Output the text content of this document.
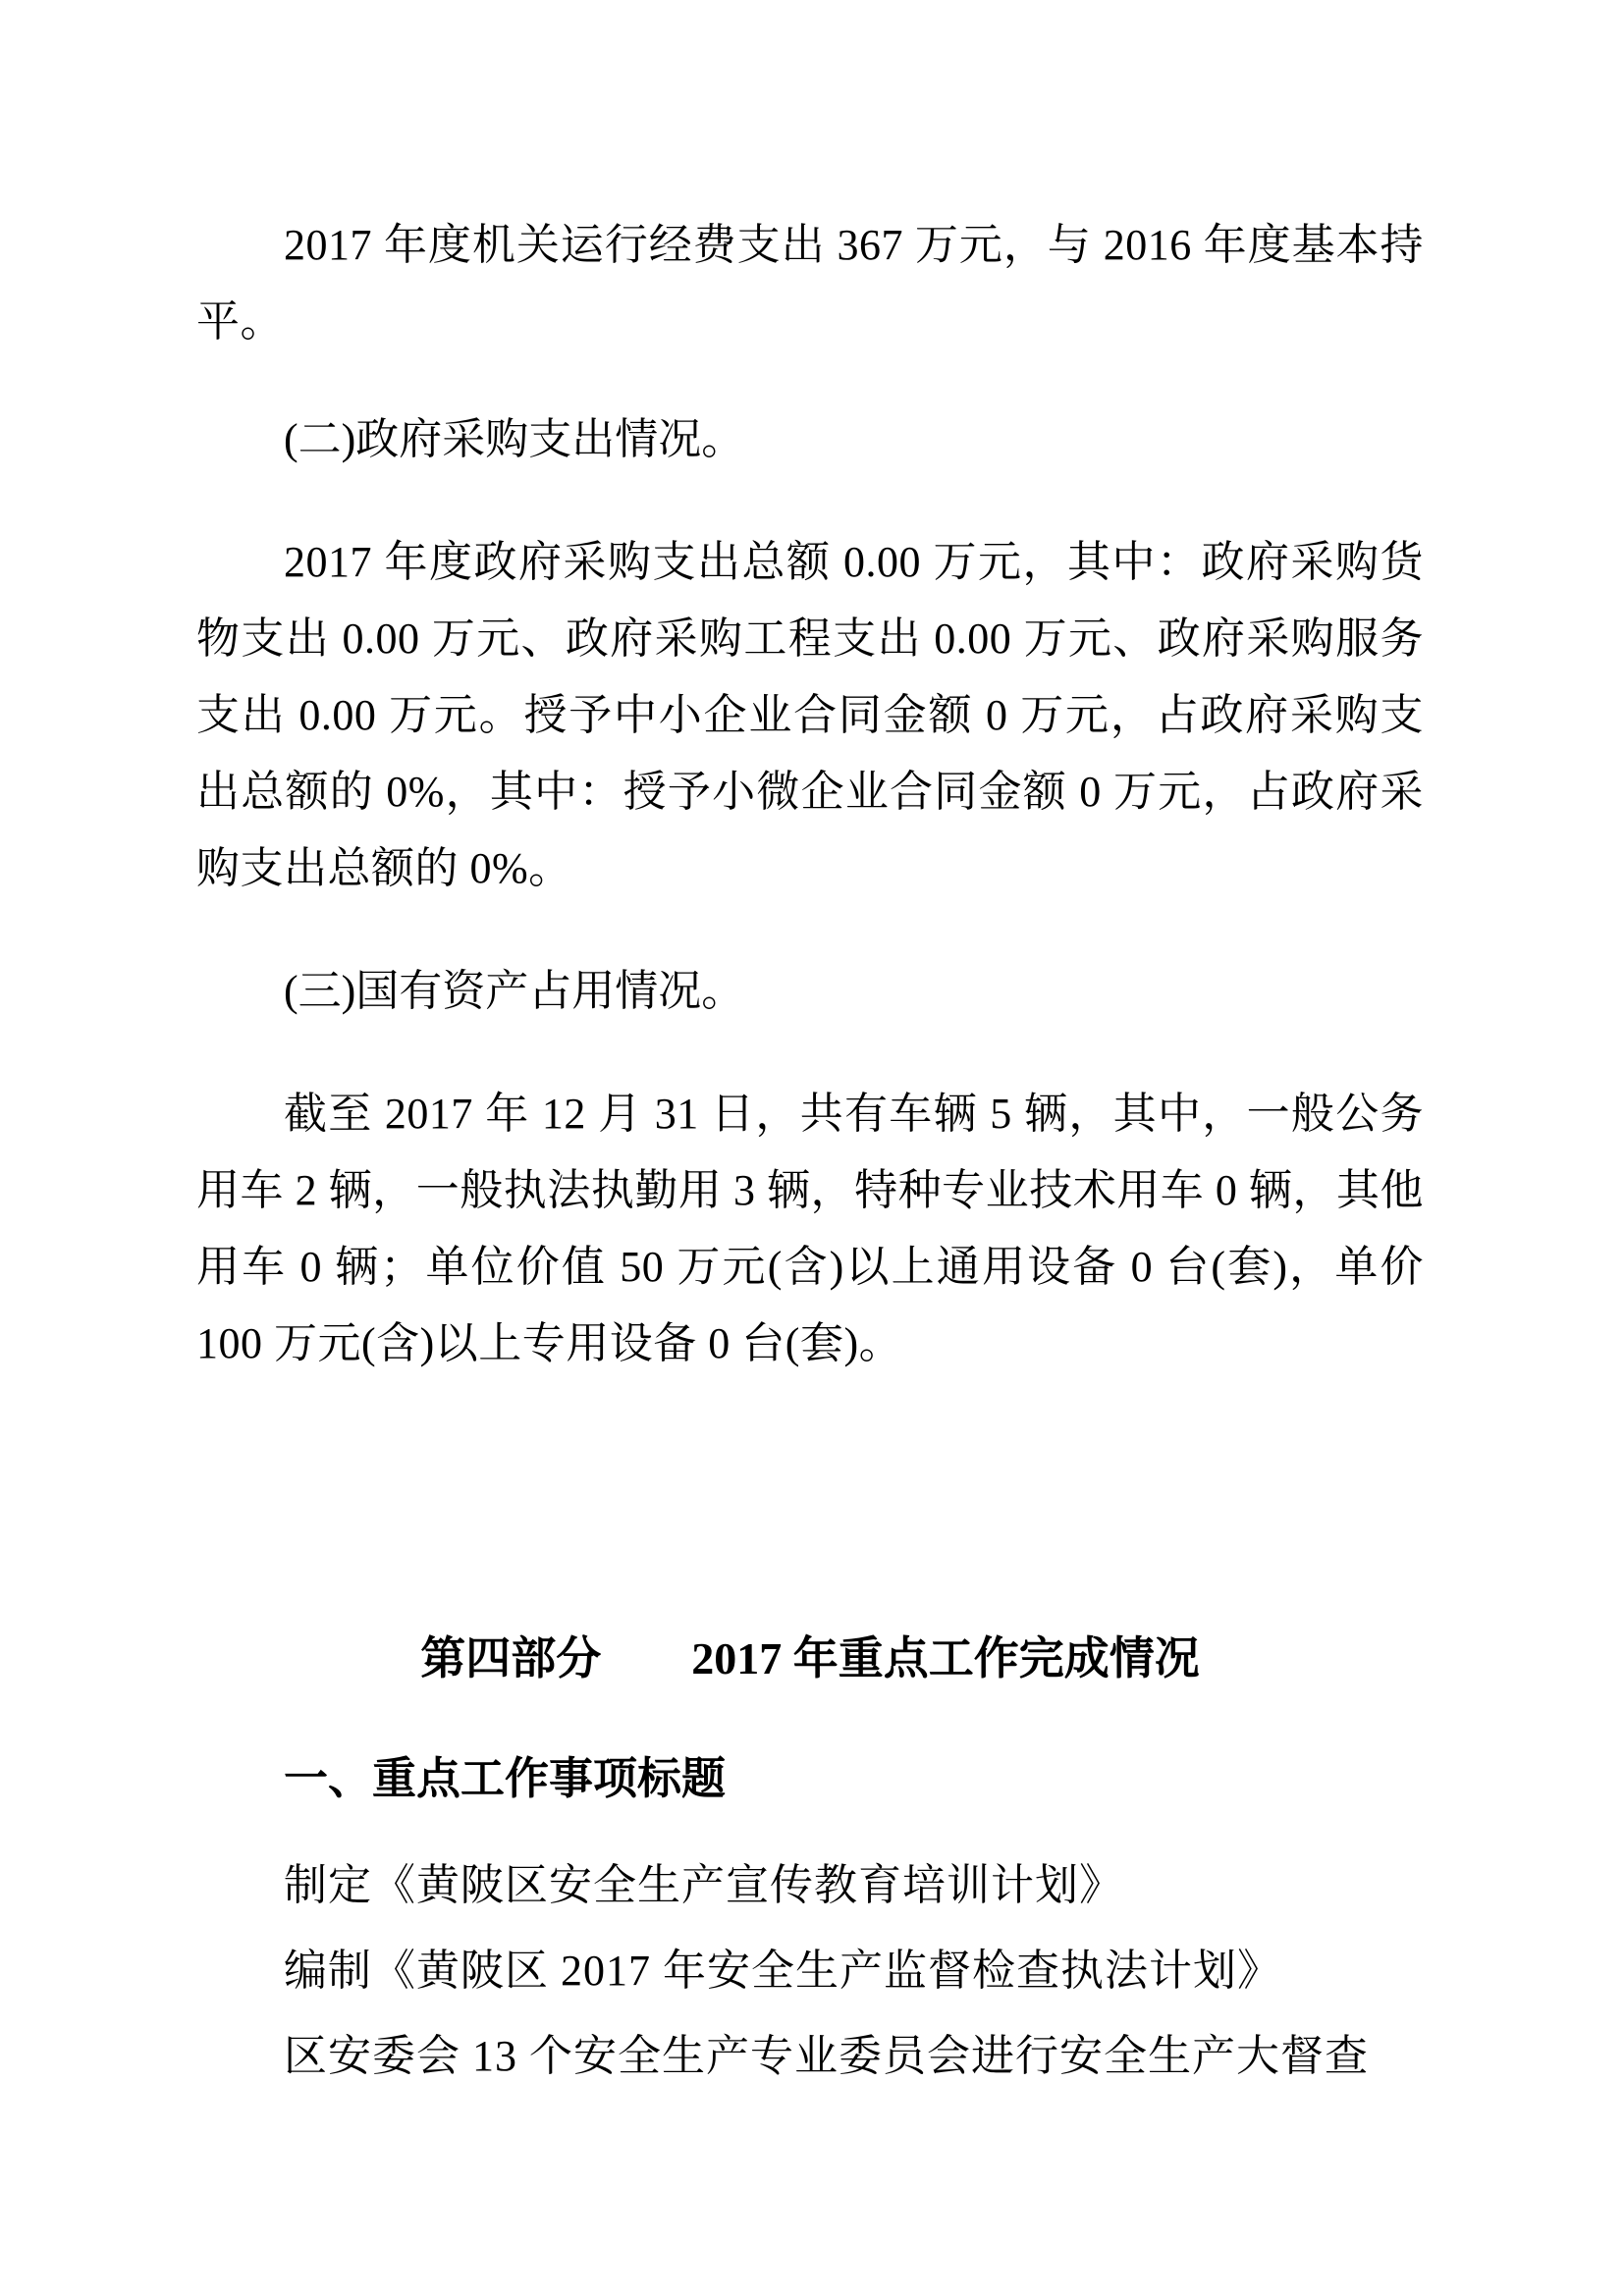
2017 年度机关运行经费支出 367 万元，与 2016 年度基本持
平。
(二)政府采购支出情况。
2017 年度政府采购支出总额 0.00 万元，其中：政府采购货
物支出 0.00 万元、政府采购工程支出 0.00 万元、政府采购服务
支出 0.00 万元。授予中小企业合同金额 0 万元，占政府采购支
出总额的 0%，其中：授予小微企业合同金额 0 万元，占政府采
购支出总额的 0%。
(三)国有资产占用情况。
截至 2017 年 12 月 31 日，共有车辆 5 辆，其中，一般公务
用车 2 辆，一般执法执勤用 3 辆，特种专业技术用车 0 辆，其他
用车 0 辆；单位价值 50 万元(含)以上通用设备 0 台(套)，单价
100 万元(含)以上专用设备 0 台(套)。
第四部分　　2017 年重点工作完成情况
一、重点工作事项标题
制定《黄陂区安全生产宣传教育培训计划》
编制《黄陂区 2017 年安全生产监督检查执法计划》
区安委会 13 个安全生产专业委员会进行安全生产大督查
